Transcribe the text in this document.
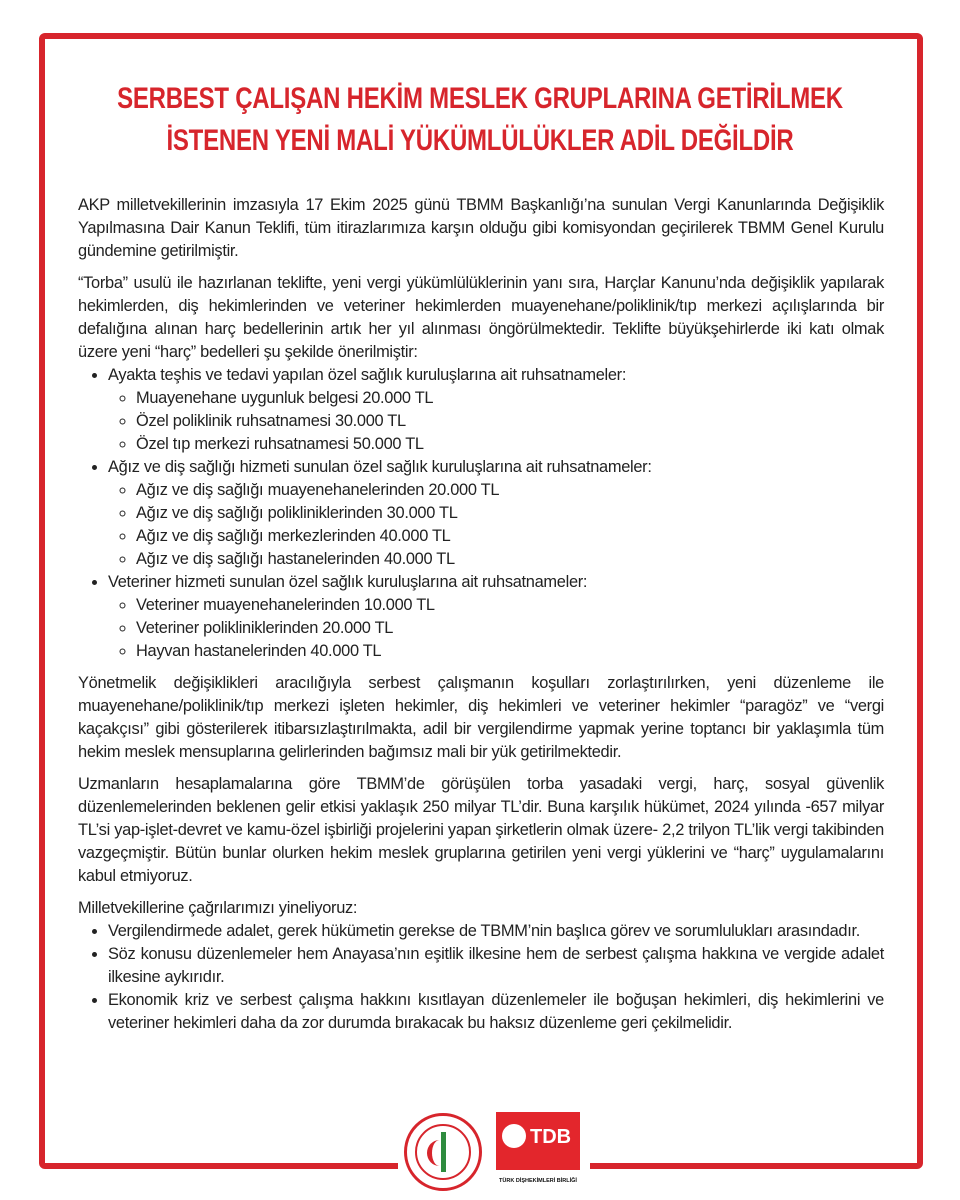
SERBEST ÇALIŞAN HEKİM MESLEK GRUPLARINA GETİRİLMEK
İSTENEN YENİ MALİ YÜKÜMLÜLÜKLER ADİL DEĞİLDİR

AKP milletvekillerinin imzasıyla 17 Ekim 2025 günü TBMM Başkanlığı’na sunulan Vergi Kanunlarında Değişiklik Yapılmasına Dair Kanun Teklifi, tüm itirazlarımıza karşın olduğu gibi komisyondan geçirilerek TBMM Genel Kurulu gündemine getirilmiştir.

“Torba” usulü ile hazırlanan teklifte, yeni vergi yükümlülüklerinin yanı sıra, Harçlar Kanunu’nda değişiklik yapılarak hekimlerden, diş hekimlerinden ve veteriner hekimlerden muayenehane/poliklinik/tıp merkezi açılışlarında bir defalığına alınan harç bedellerinin artık her yıl alınması öngörülmektedir. Teklifte büyükşehirlerde iki katı olmak üzere yeni “harç” bedelleri şu şekilde önerilmiştir:

• Ayakta teşhis ve tedavi yapılan özel sağlık kuruluşlarına ait ruhsatnameler:
◦ Muayenehane uygunluk belgesi 20.000 TL
◦ Özel poliklinik ruhsatnamesi 30.000 TL
◦ Özel tıp merkezi ruhsatnamesi 50.000 TL
• Ağız ve diş sağlığı hizmeti sunulan özel sağlık kuruluşlarına ait ruhsatnameler:
◦ Ağız ve diş sağlığı muayenehanelerinden 20.000 TL
◦ Ağız ve diş sağlığı polikliniklerinden 30.000 TL
◦ Ağız ve diş sağlığı merkezlerinden 40.000 TL
◦ Ağız ve diş sağlığı hastanelerinden 40.000 TL
• Veteriner hizmeti sunulan özel sağlık kuruluşlarına ait ruhsatnameler:
◦ Veteriner muayenehanelerinden 10.000 TL
◦ Veteriner polikliniklerinden 20.000 TL
◦ Hayvan hastanelerinden 40.000 TL

Yönetmelik değişiklikleri aracılığıyla serbest çalışmanın koşulları zorlaştırılırken, yeni düzenleme ile muayenehane/poliklinik/tıp merkezi işleten hekimler, diş hekimleri ve veteriner hekimler “paragöz” ve “vergi kaçakçısı” gibi gösterilerek itibarsızlaştırılmakta, adil bir vergilendirme yapmak yerine toptancı bir yaklaşımla tüm hekim meslek mensuplarına gelirlerinden bağımsız mali bir yük getirilmektedir.

Uzmanların hesaplamalarına göre TBMM’de görüşülen torba yasadaki vergi, harç, sosyal güvenlik düzenlemelerinden beklenen gelir etkisi yaklaşık 250 milyar TL’dir. Buna karşılık hükümet, 2024 yılında -657 milyar TL’si yap-işlet-devret ve kamu-özel işbirliği projelerini yapan şirketlerin olmak üzere- 2,2 trilyon TL’lik vergi takibinden vazgeçmiştir. Bütün bunlar olurken hekim meslek gruplarına getirilen yeni vergi yüklerini ve “harç” uygulamalarını kabul etmiyoruz.

Milletvekillerine çağrılarımızı yineliyoruz:

• Vergilendirmede adalet, gerek hükümetin gerekse de TBMM’nin başlıca görev ve sorumlulukları arasındadır.
• Söz konusu düzenlemeler hem Anayasa’nın eşitlik ilkesine hem de serbest çalışma hakkına ve vergide adalet ilkesine aykırıdır.
• Ekonomik kriz ve serbest çalışma hakkını kısıtlayan düzenlemeler ile boğuşan hekimleri, diş hekimlerini ve veteriner hekimleri daha da zor durumda bırakacak bu haksız düzenleme geri çekilmelidir.
TDB
TÜRK DİŞHEKİMLERİ BİRLİĞİ
